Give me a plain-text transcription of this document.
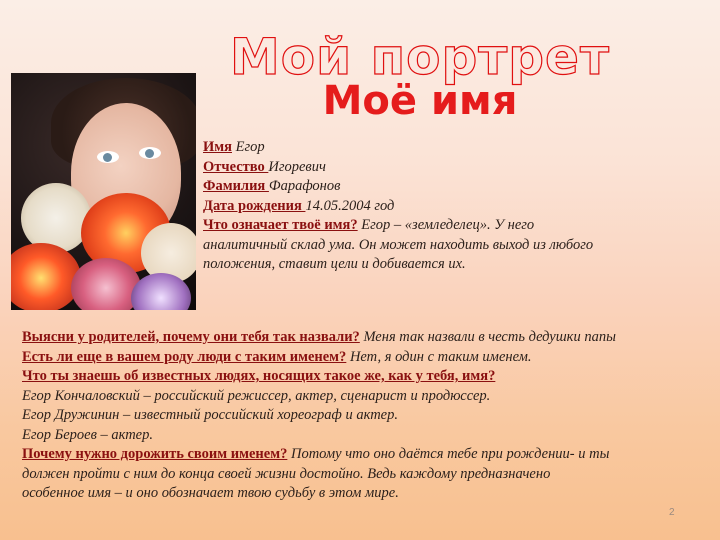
Мой портрет
Моё имя
Имя Егор
Отчество Игоревич
Фамилия Фарафонов
Дата рождения 14.05.2004 год
Что означает твоё имя? Егор – «земледелец». У него
аналитичный склад ума. Он может находить выход из любого
положения, ставит цели и добивается их.
Выясни у родителей, почему они тебя так назвали? Меня так назвали в честь дедушки папы
Есть ли еще в вашем роду люди с таким именем? Нет, я один с таким именем.
Что ты знаешь об известных людях, носящих такое же, как у тебя, имя?
Егор Кончаловский – российский режиссер, актер, сценарист и продюссер.
Егор Дружинин – известный российский хореограф и актер.
Егор Бероев – актер.
Почему нужно дорожить своим именем? Потому что оно даётся тебе при рождении- и ты
должен пройти с ним до конца своей жизни достойно. Ведь каждому предназначено
особенное имя – и оно обозначает твою судьбу в этом мире.
2
